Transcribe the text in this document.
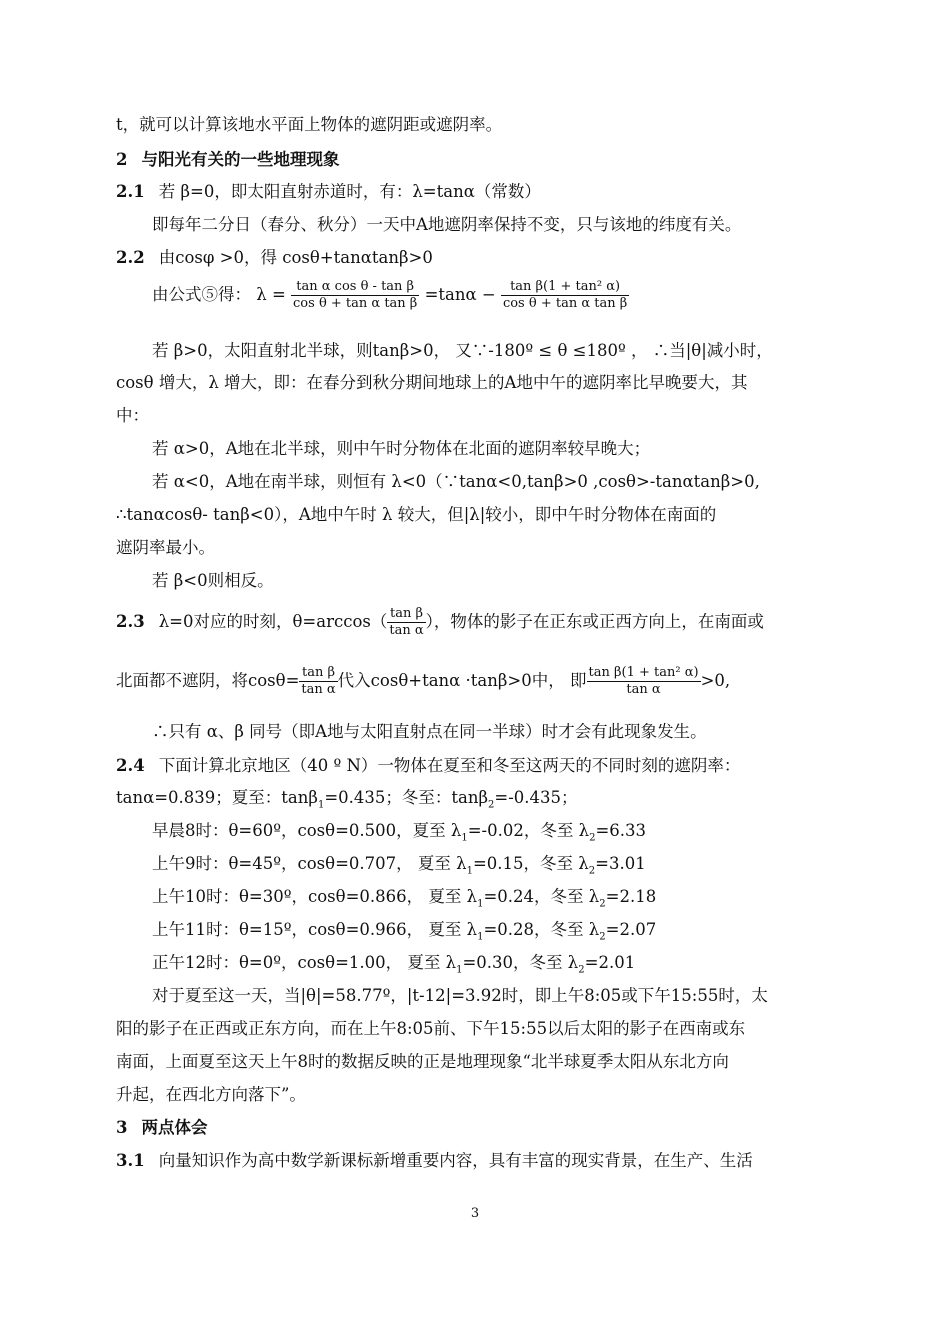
t，就可以计算该地水平面上物体的遮阴距或遮阴率。
2 与阳光有关的一些地理现象
2.1 若 β=0，即太阳直射赤道时，有：λ=tanα（常数）
即每年二分日（春分、秋分）一天中A地遮阴率保持不变，只与该地的纬度有关。
2.2 由cosφ >0，得 cosθ+tanαtanβ>0
由公式⑤得： $\lambda = \frac{\text{tan α cos θ - tan β}}{\text{cos θ + tan α tan β}} =\tan\alpha - \frac{\text{tan β(1 + tan² α)}}{\text{cos θ + tan α tan β}}$
若 β>0，太阳直射北半球，则tanβ>0， 又∵-180º ≤ θ ≤180º ， ∴当|θ|减小时，
cosθ 增大，λ 增大，即：在春分到秋分期间地球上的A地中午的遮阴率比早晚要大，其
中：
若 α>0，A地在北半球，则中午时分物体在北面的遮阴率较早晚大；
若 α<0，A地在南半球，则恒有 λ<0（∵tanα<0,tanβ>0 ,cosθ>-tanαtanβ>0,
∴tanαcosθ- tanβ<0），A地中午时 λ 较大，但|λ|较小，即中午时分物体在南面的
遮阴率最小。
若 β<0则相反。
2.3 λ=0对应的时刻，$\theta=\arccos( \frac{\text{tan β}}{\text{tan α}}$ ），物体的影子在正东或正西方向上，在南面或
北面都不遮阴，将$\cos\theta= \frac{\text{tan β}}{\text{tan α}}$ 代入cosθ+tanα ·tanβ>0中， 即 $\frac{\text{tan β(1 + tan² α)}}{\text{tan α}} >0$,
∴只有 α、β 同号（即A地与太阳直射点在同一半球）时才会有此现象发生。
2.4 下面计算北京地区（40 º N）一物体在夏至和冬至这两天的不同时刻的遮阴率：
tanα=0.839；夏至：tanβ$_1$=0.435；冬至：tanβ$_2$=-0.435；
早晨8时：θ=60º，cosθ=0.500，夏至 $\lambda_1=-0.02$，冬至 $\lambda_2=6.33$
上午9时：θ=45º，cosθ=0.707， 夏至 $\lambda_1=0.15$，冬至 $\lambda_2=3.01$
上午10时：θ=30º，cosθ=0.866， 夏至 $\lambda_1=0.24$，冬至 $\lambda_2=2.18$
上午11时：θ=15º，cosθ=0.966， 夏至 $\lambda_1=0.28$，冬至 $\lambda_2=2.07$
正午12时：θ=0º，cosθ=1.00， 夏至 $\lambda_1=0.30$，冬至 $\lambda_2=2.01$
对于夏至这一天，当|θ|=58.77º，|t-12|=3.92时，即上午8:05或下午15:55时，太
阳的影子在正西或正东方向，而在上午8:05前、下午15:55以后太阳的影子在西南或东
南面，上面夏至这天上午8时的数据反映的正是地理现象“北半球夏季太阳从东北方向
升起，在西北方向落下”。
3 两点体会
3.1 向量知识作为高中数学新课标新增重要内容，具有丰富的现实背景，在生产、生活
3
